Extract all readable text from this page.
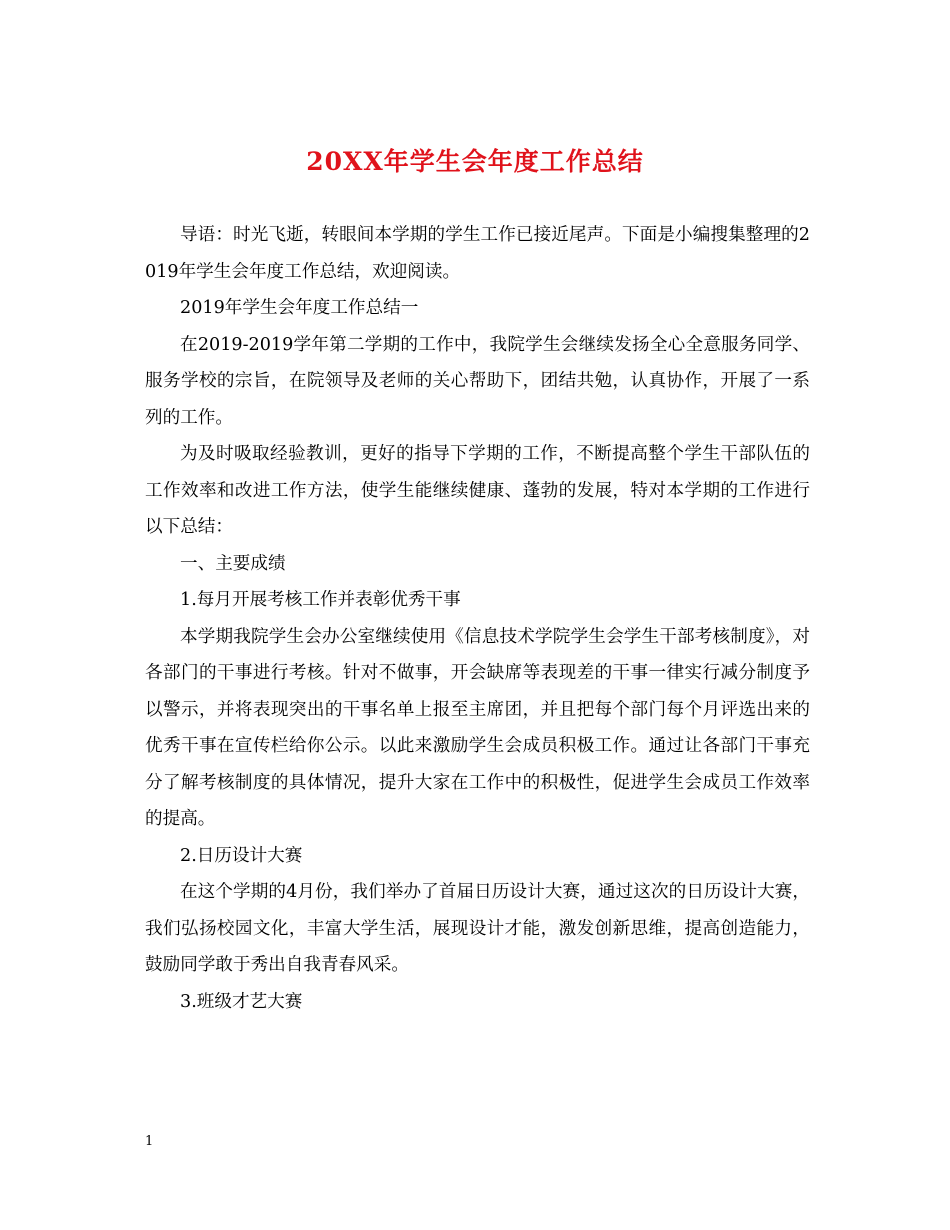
20XX年学生会年度工作总结

导语：时光飞逝，转眼间本学期的学生工作已接近尾声。下面是小编搜集整理的2019年学生会年度工作总结，欢迎阅读。

2019年学生会年度工作总结一

在2019-2019学年第二学期的工作中，我院学生会继续发扬全心全意服务同学、服务学校的宗旨，在院领导及老师的关心帮助下，团结共勉，认真协作，开展了一系列的工作。

为及时吸取经验教训，更好的指导下学期的工作，不断提高整个学生干部队伍的工作效率和改进工作方法，使学生能继续健康、蓬勃的发展，特对本学期的工作进行以下总结：

一、主要成绩

1.每月开展考核工作并表彰优秀干事

本学期我院学生会办公室继续使用《信息技术学院学生会学生干部考核制度》，对各部门的干事进行考核。针对不做事，开会缺席等表现差的干事一律实行减分制度予以警示，并将表现突出的干事名单上报至主席团，并且把每个部门每个月评选出来的优秀干事在宣传栏给你公示。以此来激励学生会成员积极工作。通过让各部门干事充分了解考核制度的具体情况，提升大家在工作中的积极性，促进学生会成员工作效率的提高。

2.日历设计大赛

在这个学期的4月份，我们举办了首届日历设计大赛，通过这次的日历设计大赛，我们弘扬校园文化，丰富大学生活，展现设计才能，激发创新思维，提高创造能力，鼓励同学敢于秀出自我青春风采。

3.班级才艺大赛

1
